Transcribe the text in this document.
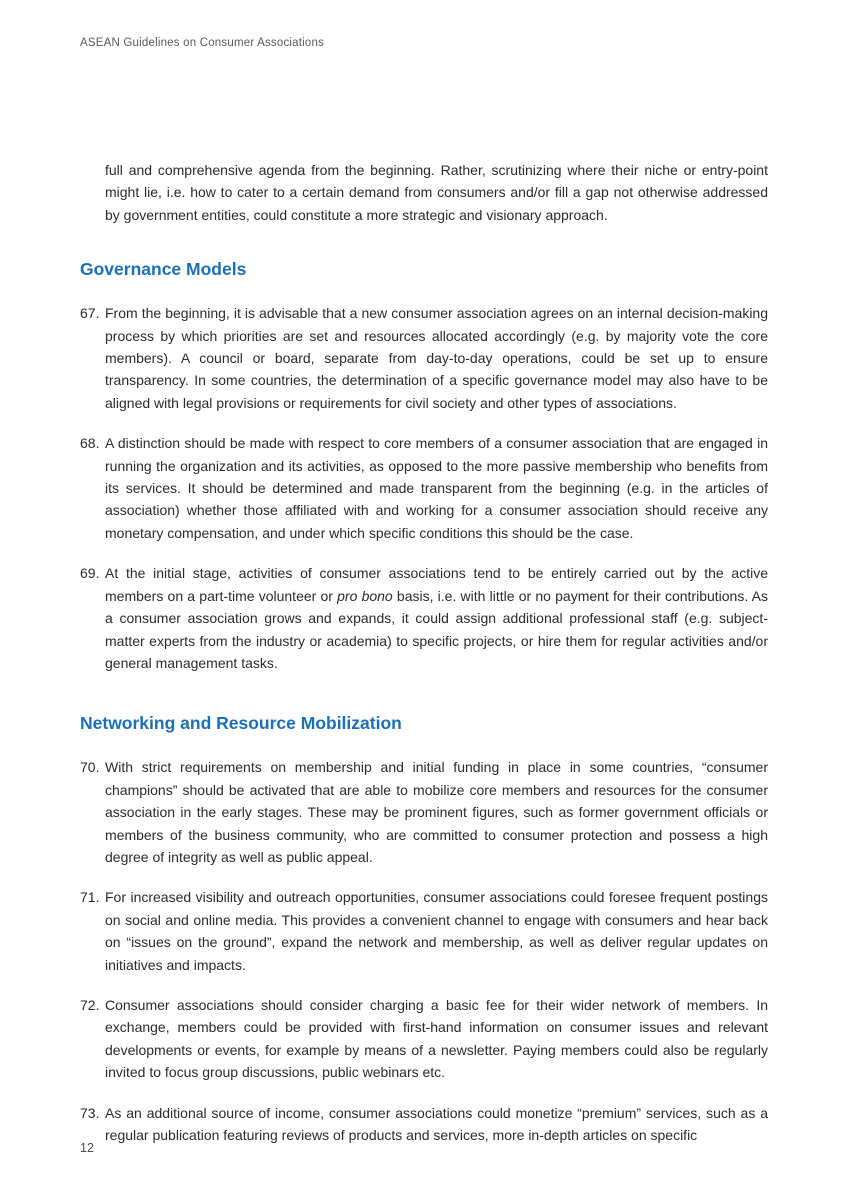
ASEAN Guidelines on Consumer Associations

full and comprehensive agenda from the beginning. Rather, scrutinizing where their niche or entry-point might lie, i.e. how to cater to a certain demand from consumers and/or fill a gap not otherwise addressed by government entities, could constitute a more strategic and visionary approach.

Governance Models
67. From the beginning, it is advisable that a new consumer association agrees on an internal decision-making process by which priorities are set and resources allocated accordingly (e.g. by majority vote the core members). A council or board, separate from day-to-day operations, could be set up to ensure transparency. In some countries, the determination of a specific governance model may also have to be aligned with legal provisions or requirements for civil society and other types of associations.
68. A distinction should be made with respect to core members of a consumer association that are engaged in running the organization and its activities, as opposed to the more passive membership who benefits from its services. It should be determined and made transparent from the beginning (e.g. in the articles of association) whether those affiliated with and working for a consumer association should receive any monetary compensation, and under which specific conditions this should be the case.
69. At the initial stage, activities of consumer associations tend to be entirely carried out by the active members on a part-time volunteer or pro bono basis, i.e. with little or no payment for their contributions. As a consumer association grows and expands, it could assign additional professional staff (e.g. subject-matter experts from the industry or academia) to specific projects, or hire them for regular activities and/or general management tasks.
Networking and Resource Mobilization
70. With strict requirements on membership and initial funding in place in some countries, “consumer champions” should be activated that are able to mobilize core members and resources for the consumer association in the early stages. These may be prominent figures, such as former government officials or members of the business community, who are committed to consumer protection and possess a high degree of integrity as well as public appeal.
71. For increased visibility and outreach opportunities, consumer associations could foresee frequent postings on social and online media. This provides a convenient channel to engage with consumers and hear back on “issues on the ground”, expand the network and membership, as well as deliver regular updates on initiatives and impacts.
72. Consumer associations should consider charging a basic fee for their wider network of members. In exchange, members could be provided with first-hand information on consumer issues and relevant developments or events, for example by means of a newsletter. Paying members could also be regularly invited to focus group discussions, public webinars etc.
73. As an additional source of income, consumer associations could monetize “premium” services, such as a regular publication featuring reviews of products and services, more in-depth articles on specific
12
